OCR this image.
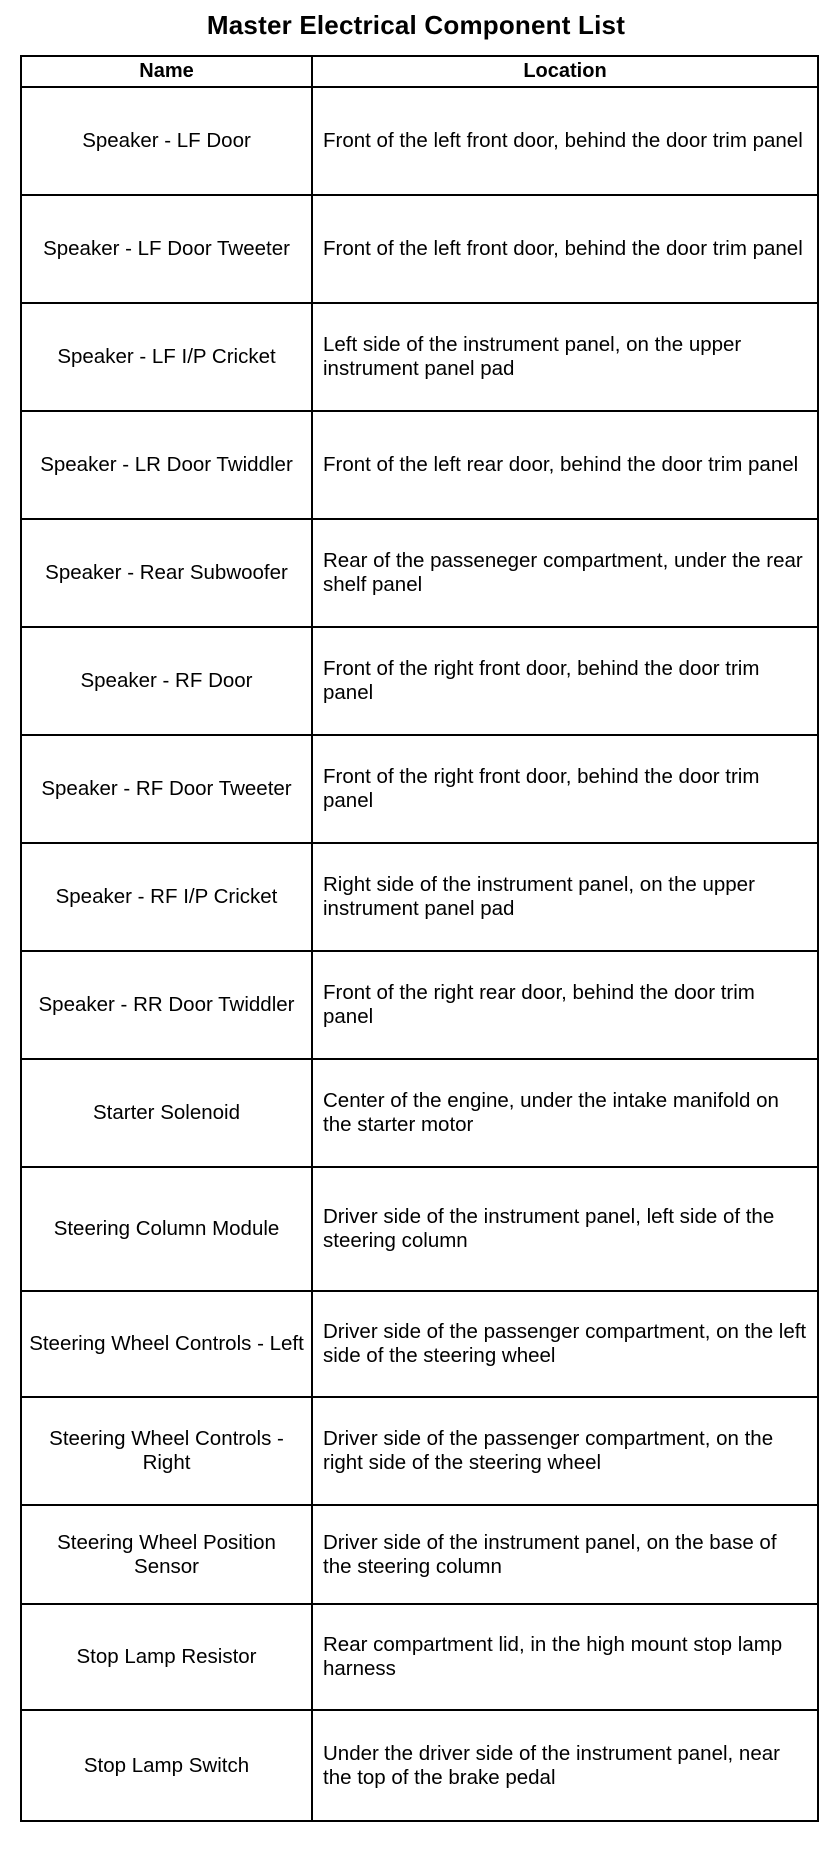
Master Electrical Component List
Name	Location
Speaker - LF Door	Front of the left front door, behind the door trim panel
Speaker - LF Door Tweeter	Front of the left front door, behind the door trim panel
Speaker - LF I/P Cricket	Left side of the instrument panel, on the upper instrument panel pad
Speaker - LR Door Twiddler	Front of the left rear door, behind the door trim panel
Speaker - Rear Subwoofer	Rear of the passeneger compartment, under the rear shelf panel
Speaker - RF Door	Front of the right front door, behind the door trim panel
Speaker - RF Door Tweeter	Front of the right front door, behind the door trim panel
Speaker - RF I/P Cricket	Right side of the instrument panel, on the upper instrument panel pad
Speaker - RR Door Twiddler	Front of the right rear door, behind the door trim panel
Starter Solenoid	Center of the engine, under the intake manifold on the starter motor
Steering Column Module	Driver side of the instrument panel, left side of the steering column
Steering Wheel Controls - Left	Driver side of the passenger compartment, on the left side of the steering wheel
Steering Wheel Controls - Right	Driver side of the passenger compartment, on the right side of the steering wheel
Steering Wheel Position Sensor	Driver side of the instrument panel, on the base of the steering column
Stop Lamp Resistor	Rear compartment lid, in the high mount stop lamp harness
Stop Lamp Switch	Under the driver side of the instrument panel, near the top of the brake pedal
